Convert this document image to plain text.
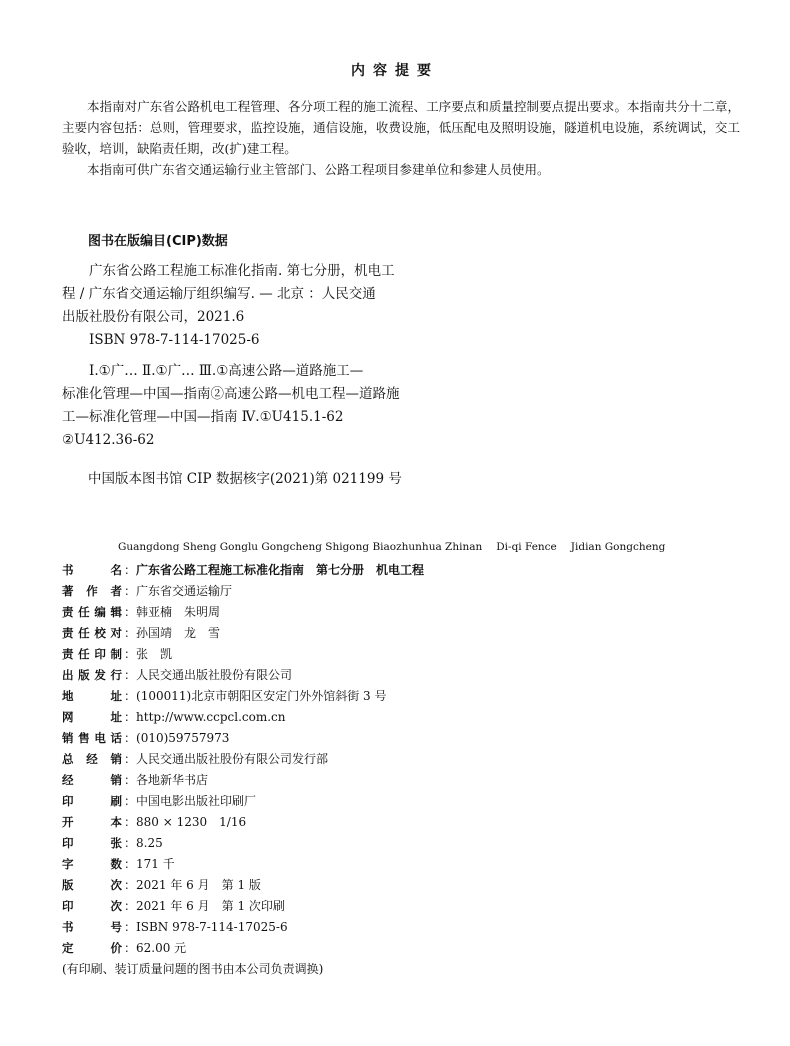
内容提要

本指南对广东省公路机电工程管理、各分项工程的施工流程、工序要点和质量控制要点提出要求。本指南共分十二章，主要内容包括：总则，管理要求，监控设施，通信设施，收费设施，低压配电及照明设施，隧道机电设施，系统调试，交工验收，培训，缺陷责任期，改(扩)建工程。

本指南可供广东省交通运输行业主管部门、公路工程项目参建单位和参建人员使用。

图书在版编目(CIP)数据

广东省公路工程施工标准化指南. 第七分册，机电工

程 / 广东省交通运输厅组织编写. — 北京 ：人民交通

出版社股份有限公司，2021.6

ISBN 978-7-114-17025-6

Ⅰ.①广… Ⅱ.①广… Ⅲ.①高速公路—道路施工—

标准化管理—中国—指南②高速公路—机电工程—道路施

工—标准化管理—中国—指南 Ⅳ.①U415.1-62

②U412.36-62

中国版本图书馆 CIP 数据核字(2021)第 021199 号
Guangdong Sheng Gonglu Gongcheng Shigong Biaozhunhua Zhinan Di-qi Fence Jidian Gongcheng
书 名 ： 广东省公路工程施工标准化指南　第七分册　机电工程
著 作 者 ： 广东省交通运输厅
责任编辑 ： 韩亚楠　朱明周
责任校对 ： 孙国靖　龙　雪
责任印制 ： 张　凯
出版发行 ： 人民交通出版社股份有限公司
地 址 ： (100011)北京市朝阳区安定门外外馆斜街 3 号
网 址 ： http://www.ccpcl.com.cn
销售电话 ： (010)59757973
总 经 销 ： 人民交通出版社股份有限公司发行部
经 销 ： 各地新华书店
印 刷 ： 中国电影出版社印刷厂
开 本 ： 880 × 1230　1/16
印 张 ： 8.25
字 数 ： 171 千
版 次 ： 2021 年 6 月　第 1 版
印 次 ： 2021 年 6 月　第 1 次印刷
书 号 ： ISBN 978-7-114-17025-6
定 价 ： 62.00 元
(有印刷、装订质量问题的图书由本公司负责调换)
